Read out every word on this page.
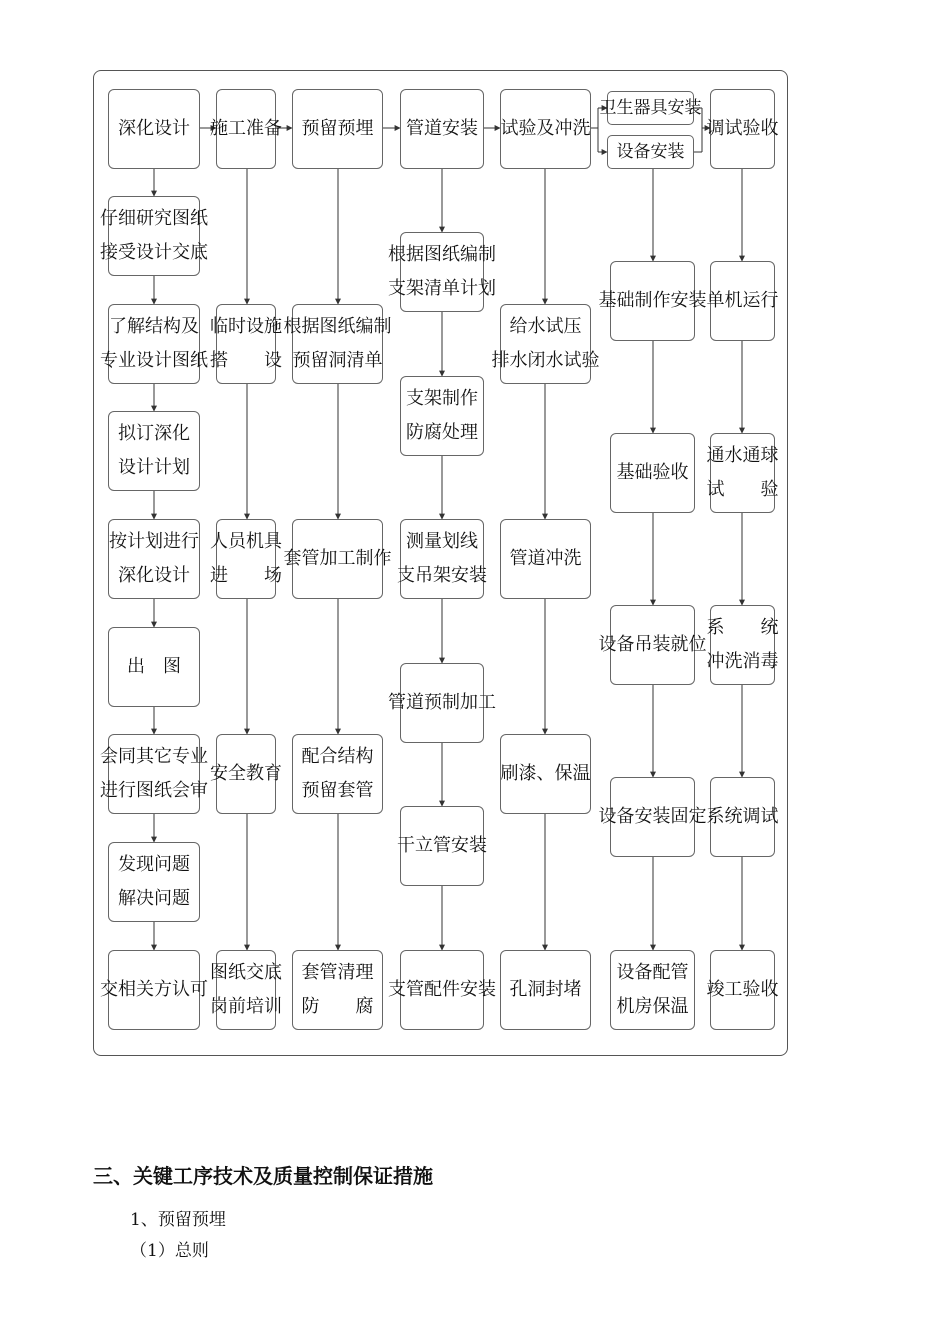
深化设计
仔细研究图纸
接受设计交底
了解结构及
专业设计图纸
拟订深化
设计计划
按计划进行
深化设计
出　图
会同其它专业
进行图纸会审
发现问题
解决问题
交相关方认可
施工准备
临时设施
搭　　设
人员机具
进　　场
安全教育
图纸交底
岗前培训
预留预埋
根据图纸编制
预留洞清单
套管加工制作
配合结构
预留套管
套管清理
防　　腐
管道安装
根据图纸编制
支架清单计划
支架制作
防腐处理
测量划线
支吊架安装
管道预制加工
干立管安装
支管配件安装
试验及冲洗
给水试压
排水闭水试验
管道冲洗
刷漆、保温
孔洞封堵
卫生器具安装
设备安装
基础制作安装
基础验收
设备吊装就位
设备安装固定
设备配管
机房保温
调试验收
单机运行
通水通球
试　　验
系　　统
冲洗消毒
系统调试
竣工验收
三、关键工序技术及质量控制保证措施
1、预留预埋
（1）总则
